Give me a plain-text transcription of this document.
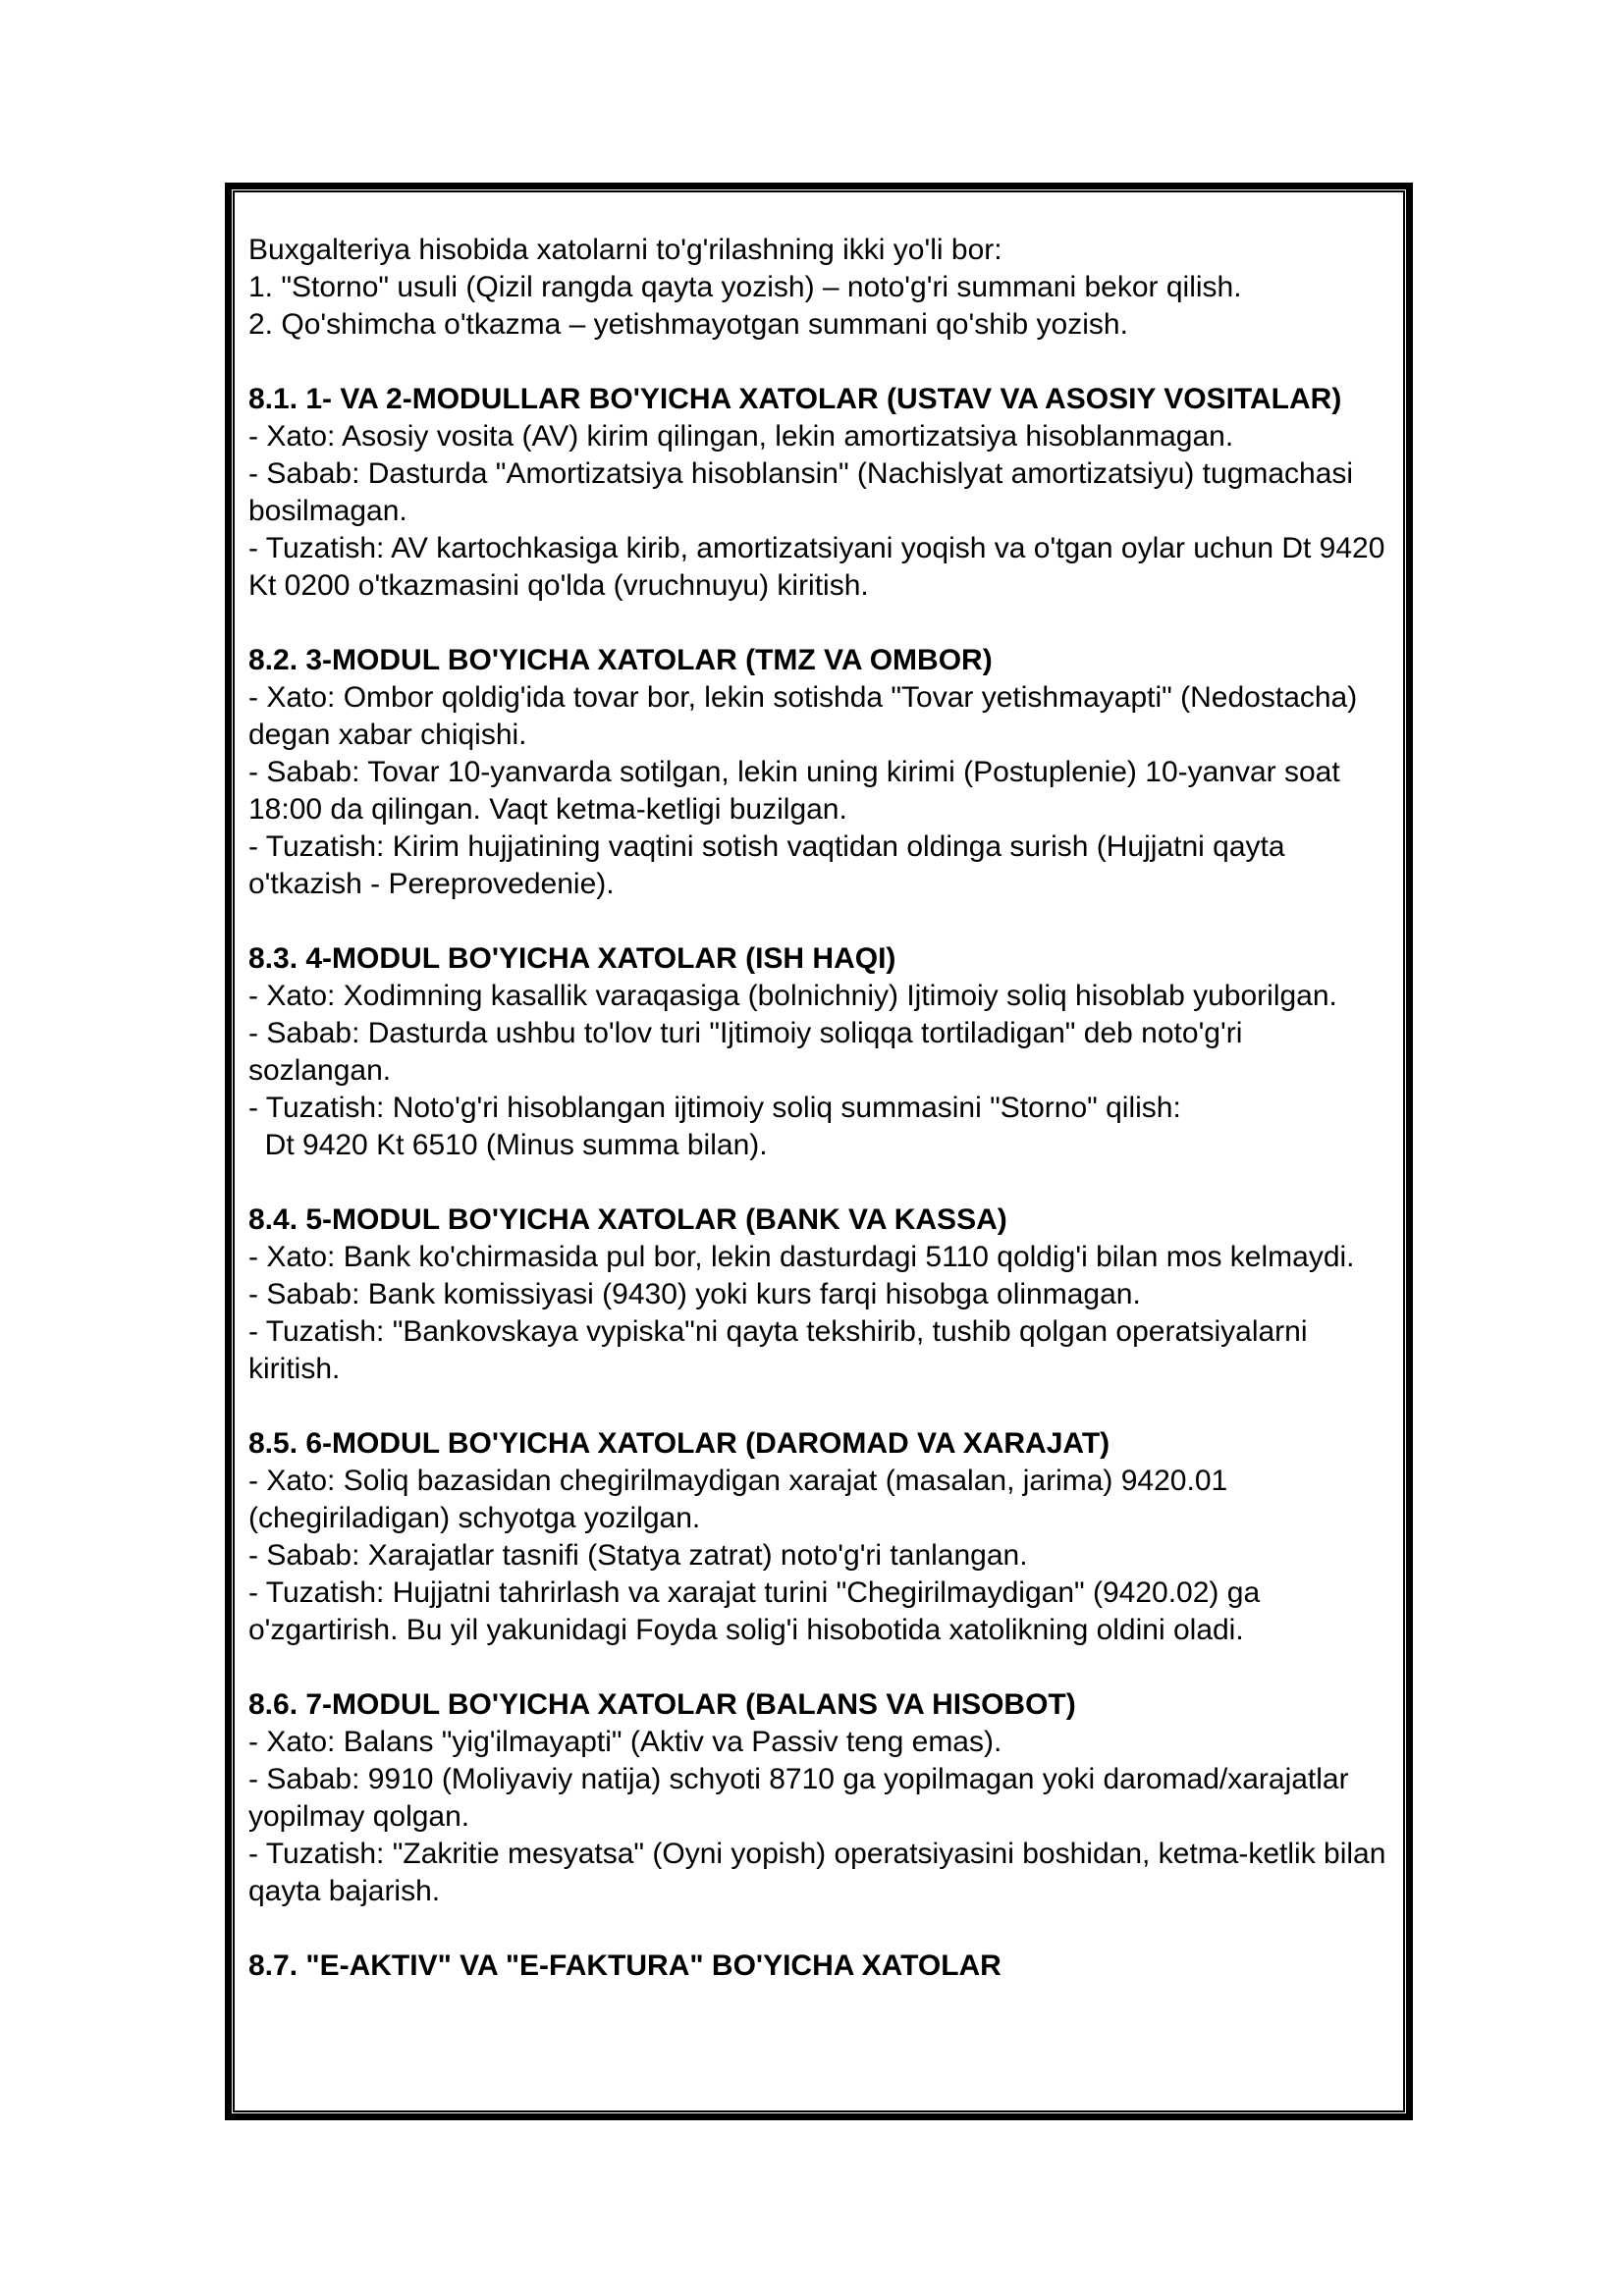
Buxgalteriya hisobida xatolarni to'g'rilashning ikki yo'li bor:

1. "Storno" usuli (Qizil rangda qayta yozish) – noto'g'ri summani bekor qilish.

2. Qo'shimcha o'tkazma – yetishmayotgan summani qo'shib yozish.

8.1. 1- VA 2-MODULLAR BO'YICHA XATOLAR (USTAV VA ASOSIY VOSITALAR)

- Xato: Asosiy vosita (AV) kirim qilingan, lekin amortizatsiya hisoblanmagan.

- Sabab: Dasturda "Amortizatsiya hisoblansin" (Nachislyat amortizatsiyu) tugmachasi bosilmagan.

- Tuzatish: AV kartochkasiga kirib, amortizatsiyani yoqish va o'tgan oylar uchun Dt 9420 Kt 0200 o'tkazmasini qo'lda (vruchnuyu) kiritish.

8.2. 3-MODUL BO'YICHA XATOLAR (TMZ VA OMBOR)

- Xato: Ombor qoldig'ida tovar bor, lekin sotishda "Tovar yetishmayapti" (Nedostacha) degan xabar chiqishi.

- Sabab: Tovar 10-yanvarda sotilgan, lekin uning kirimi (Postuplenie) 10-yanvar soat 18:00 da qilingan. Vaqt ketma-ketligi buzilgan.

- Tuzatish: Kirim hujjatining vaqtini sotish vaqtidan oldinga surish (Hujjatni qayta o'tkazish - Pereprovedenie).

8.3. 4-MODUL BO'YICHA XATOLAR (ISH HAQI)

- Xato: Xodimning kasallik varaqasiga (bolnichniy) Ijtimoiy soliq hisoblab yuborilgan.

- Sabab: Dasturda ushbu to'lov turi "Ijtimoiy soliqqa tortiladigan" deb noto'g'ri sozlangan.

- Tuzatish: Noto'g'ri hisoblangan ijtimoiy soliq summasini "Storno" qilish:

Dt 9420 Kt 6510 (Minus summa bilan).

8.4. 5-MODUL BO'YICHA XATOLAR (BANK VA KASSA)

- Xato: Bank ko'chirmasida pul bor, lekin dasturdagi 5110 qoldig'i bilan mos kelmaydi.

- Sabab: Bank komissiyasi (9430) yoki kurs farqi hisobga olinmagan.

- Tuzatish: "Bankovskaya vypiska"ni qayta tekshirib, tushib qolgan operatsiyalarni kiritish.

8.5. 6-MODUL BO'YICHA XATOLAR (DAROMAD VA XARAJAT)

- Xato: Soliq bazasidan chegirilmaydigan xarajat (masalan, jarima) 9420.01 (chegiriladigan) schyotga yozilgan.

- Sabab: Xarajatlar tasnifi (Statya zatrat) noto'g'ri tanlangan.

- Tuzatish: Hujjatni tahrirlash va xarajat turini "Chegirilmaydigan" (9420.02) ga o'zgartirish. Bu yil yakunidagi Foyda solig'i hisobotida xatolikning oldini oladi.

8.6. 7-MODUL BO'YICHA XATOLAR (BALANS VA HISOBOT)

- Xato: Balans "yig'ilmayapti" (Aktiv va Passiv teng emas).

- Sabab: 9910 (Moliyaviy natija) schyoti 8710 ga yopilmagan yoki daromad/xarajatlar yopilmay qolgan.

- Tuzatish: "Zakritie mesyatsa" (Oyni yopish) operatsiyasini boshidan, ketma-ketlik bilan qayta bajarish.

8.7. "E-AKTIV" VA "E-FAKTURA" BO'YICHA XATOLAR
